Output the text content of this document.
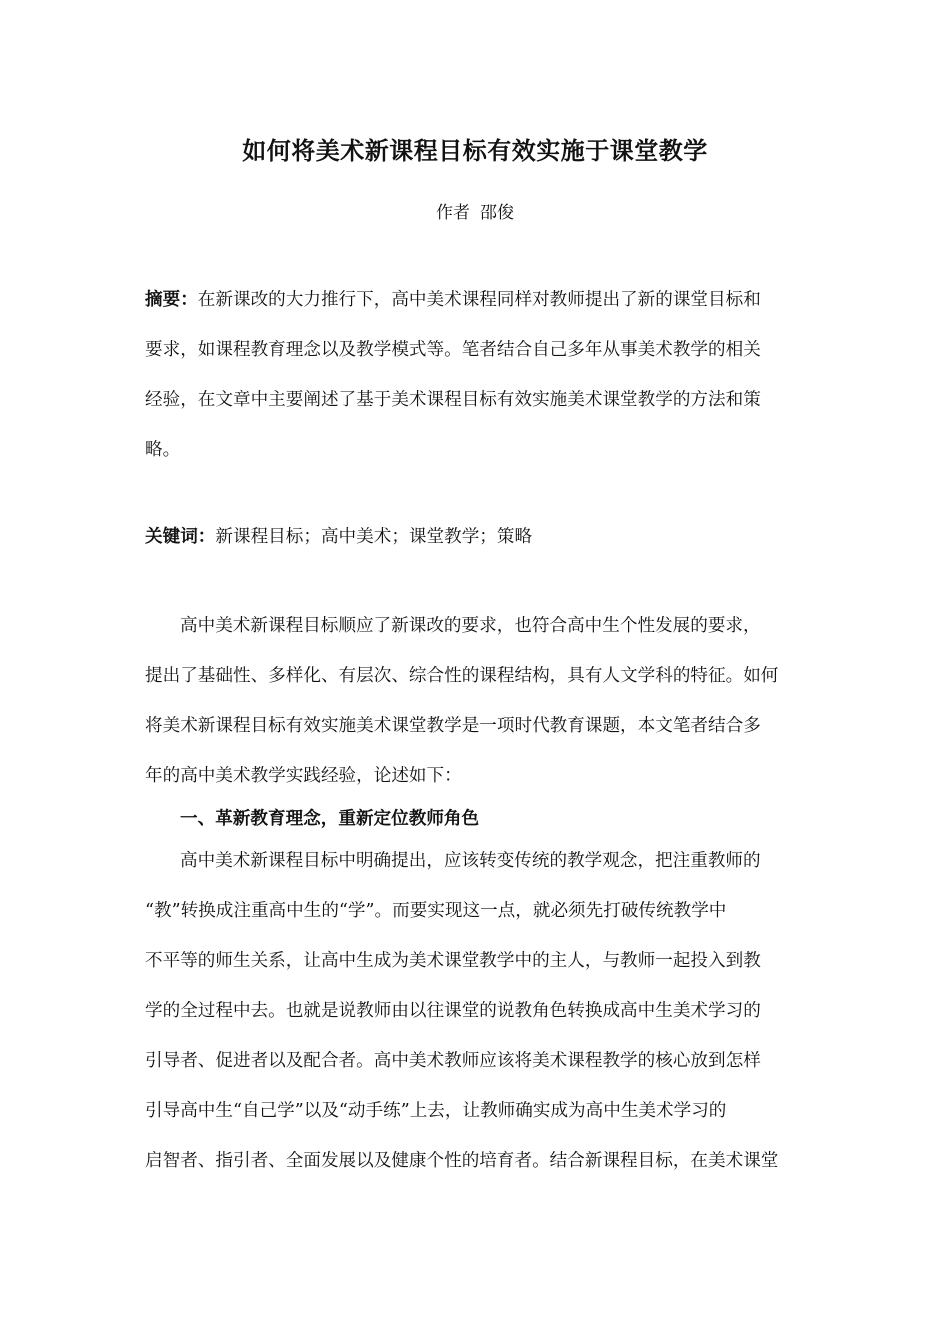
如何将美术新课程目标有效实施于课堂教学
作者 邵俊
摘要：在新课改的大力推行下，高中美术课程同样对教师提出了新的课堂目标和
要求，如课程教育理念以及教学模式等。笔者结合自己多年从事美术教学的相关
经验，在文章中主要阐述了基于美术课程目标有效实施美术课堂教学的方法和策
略。
关键词：新课程目标；高中美术；课堂教学；策略
高中美术新课程目标顺应了新课改的要求，也符合高中生个性发展的要求，
提出了基础性、多样化、有层次、综合性的课程结构，具有人文学科的特征。如何
将美术新课程目标有效实施美术课堂教学是一项时代教育课题，本文笔者结合多
年的高中美术教学实践经验，论述如下：
一、革新教育理念，重新定位教师角色
高中美术新课程目标中明确提出，应该转变传统的教学观念，把注重教师的
“教”转换成注重高中生的“学”。而要实现这一点，就必须先打破传统教学中
不平等的师生关系，让高中生成为美术课堂教学中的主人，与教师一起投入到教
学的全过程中去。也就是说教师由以往课堂的说教角色转换成高中生美术学习的
引导者、促进者以及配合者。高中美术教师应该将美术课程教学的核心放到怎样
引导高中生“自己学”以及“动手练”上去，让教师确实成为高中生美术学习的
启智者、指引者、全面发展以及健康个性的培育者。结合新课程目标，在美术课堂
